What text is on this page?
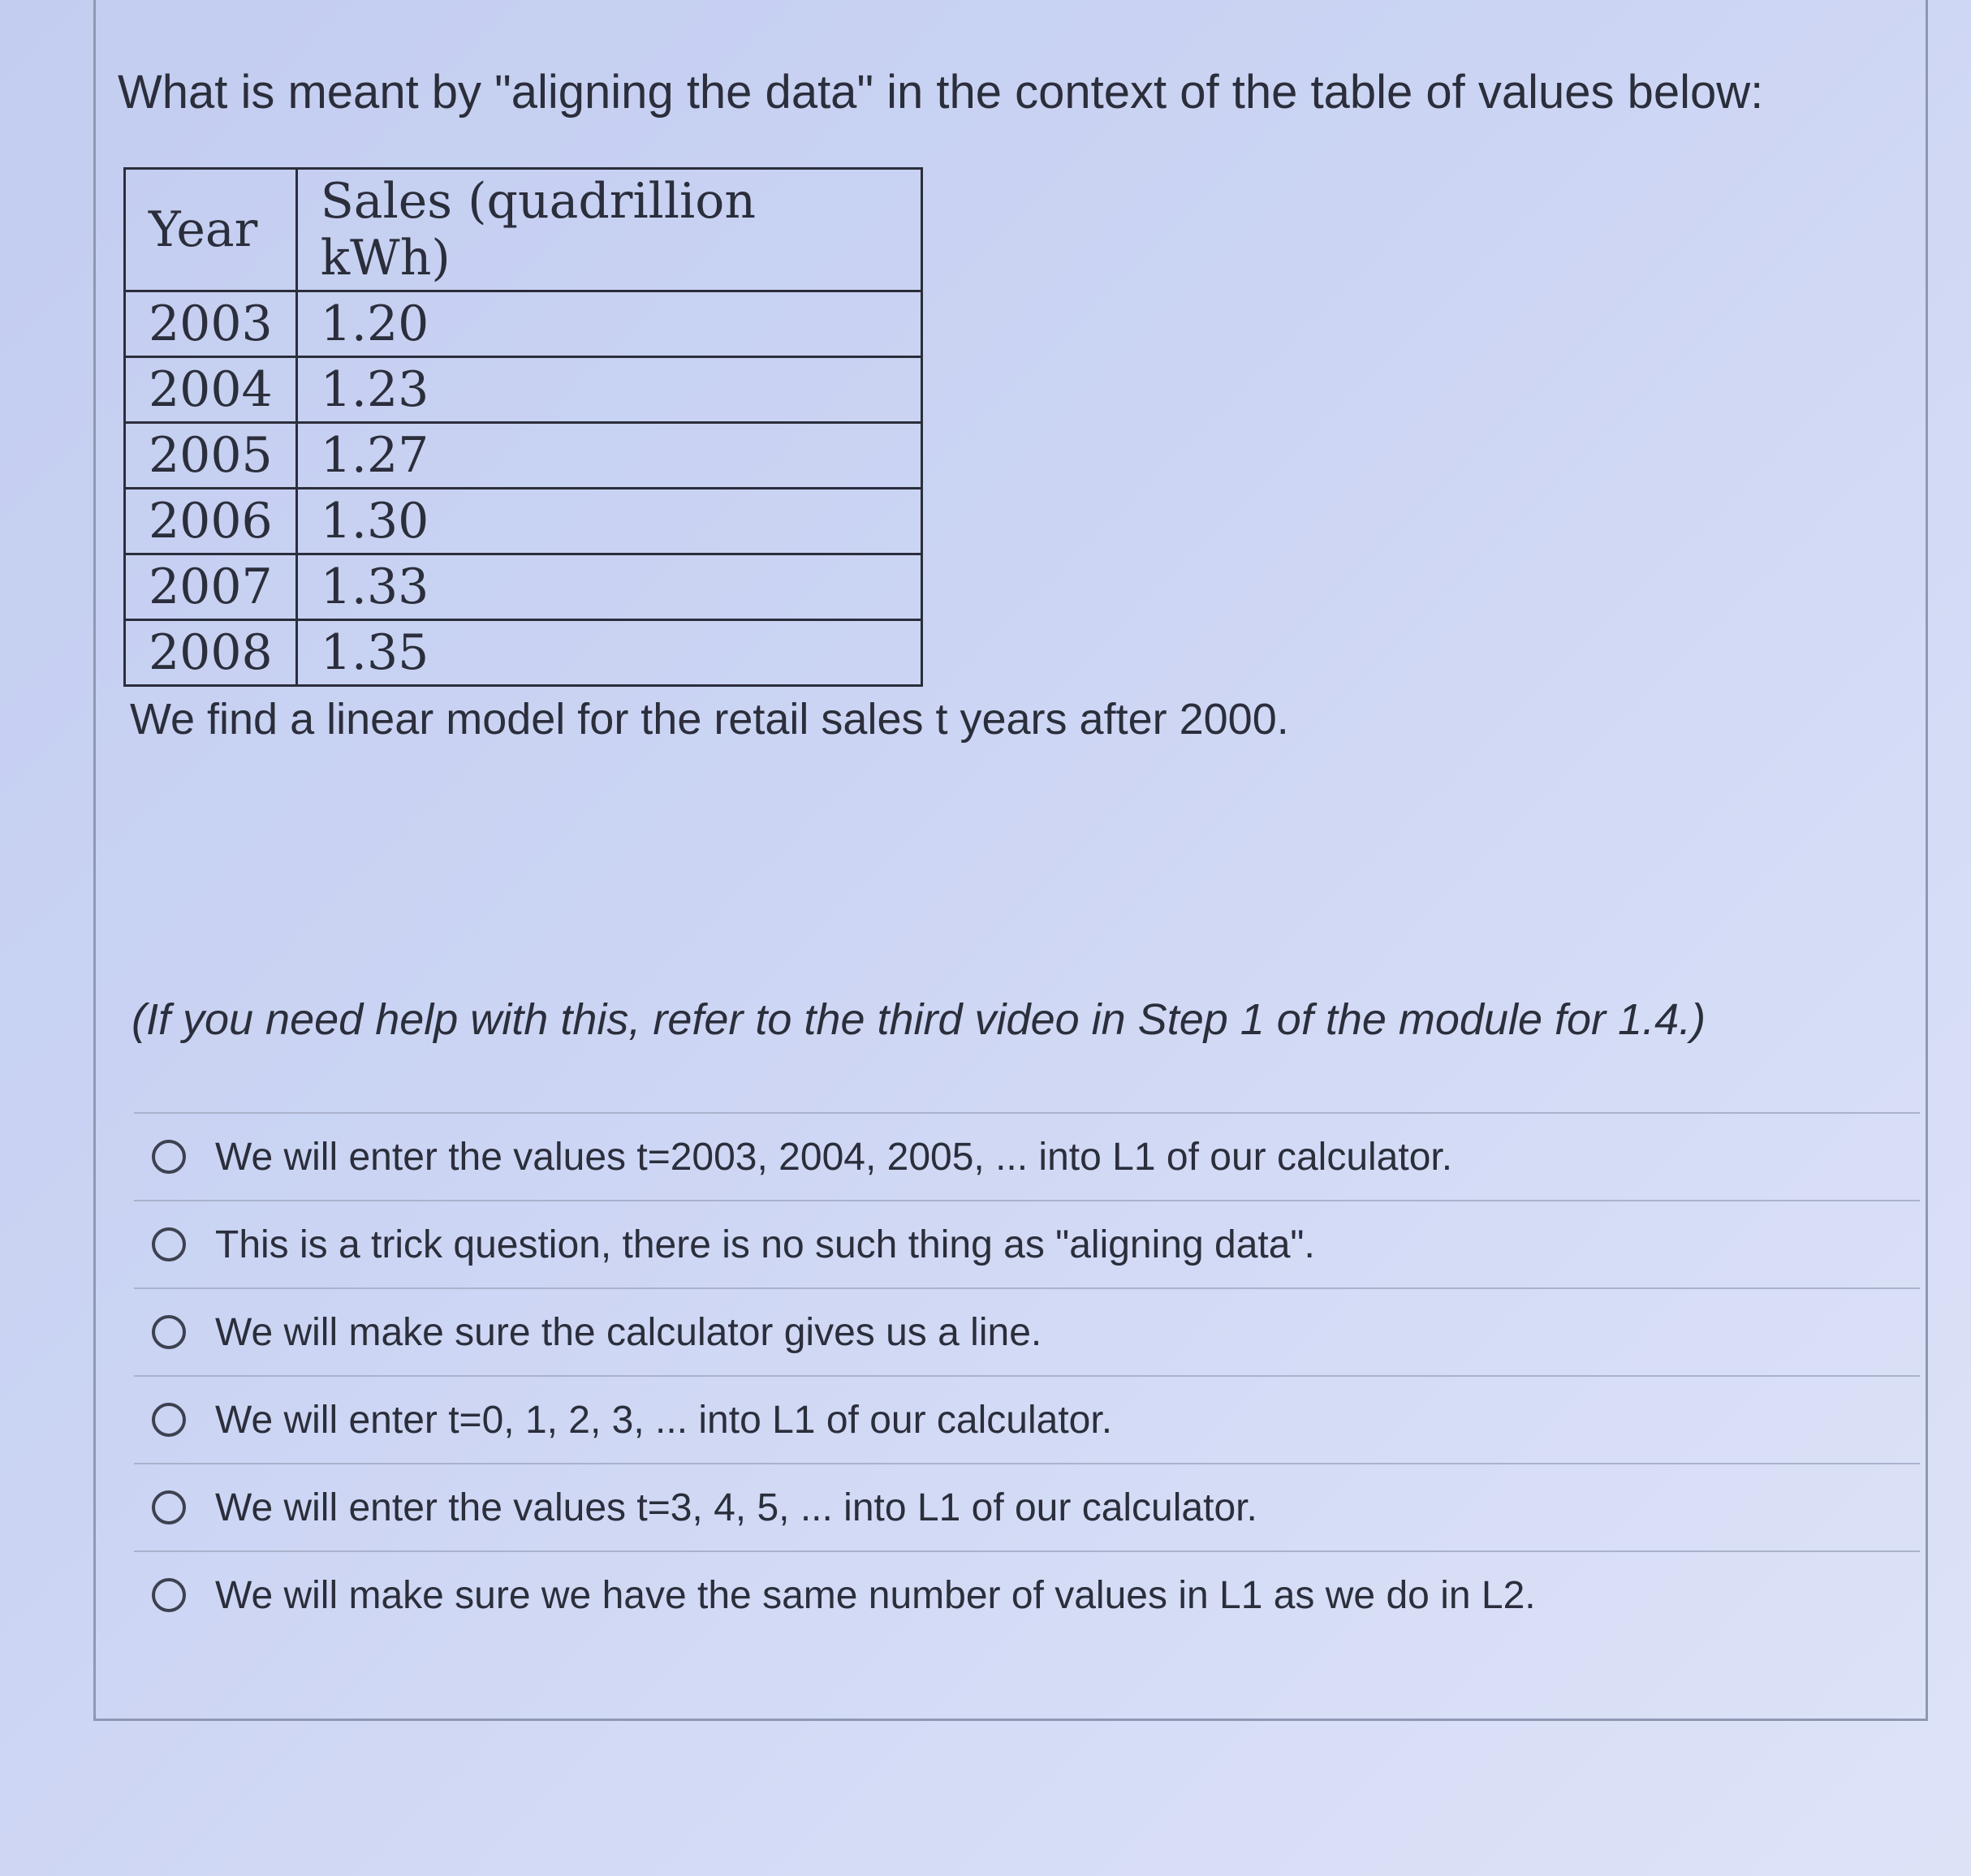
What is meant by "aligning the data" in the context of the table of values below:
Year	Sales (quadrillion kWh)
2003	1.20
2004	1.23
2005	1.27
2006	1.30
2007	1.33
2008	1.35

We find a linear model for the retail sales t years after 2000.

(If you need help with this, refer to the third video in Step 1 of the module for 1.4.)

We will enter the values t=2003, 2004, 2005, ... into L1 of our calculator.
This is a trick question, there is no such thing as "aligning data".
We will make sure the calculator gives us a line.
We will enter t=0, 1, 2, 3, ... into L1 of our calculator.
We will enter the values t=3, 4, 5, ... into L1 of our calculator.
We will make sure we have the same number of values in L1 as we do in L2.
